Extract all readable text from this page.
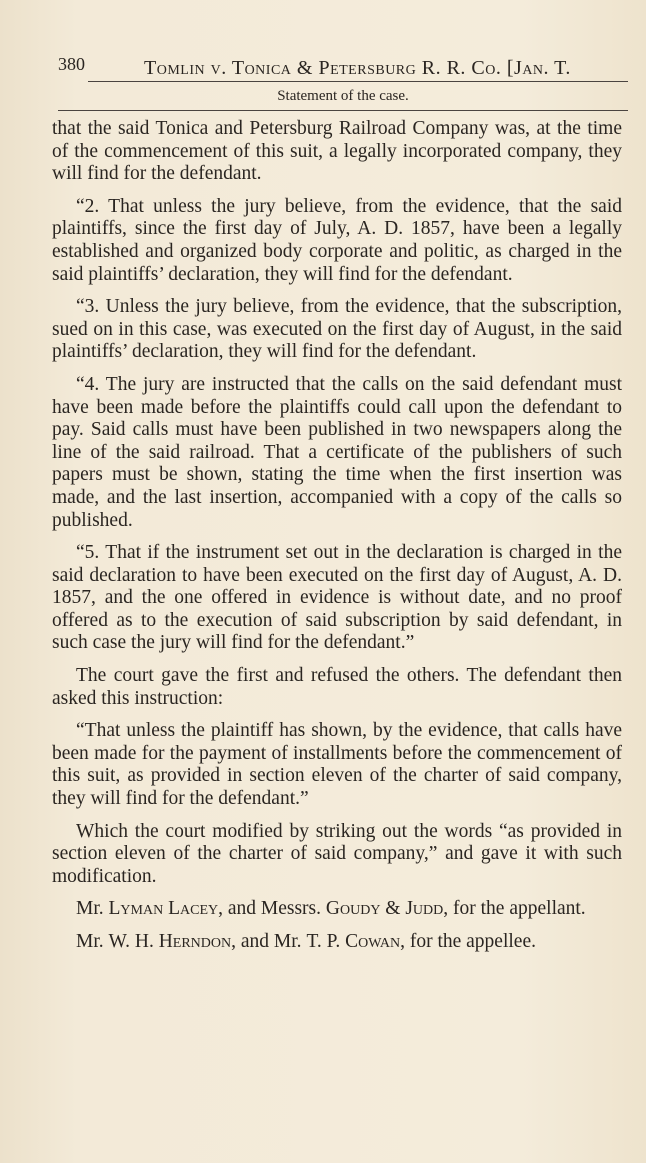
380	Tomlin v. Tonica & Petersburg R. R. Co. [Jan. T.
Statement of the case.

that the said Tonica and Petersburg Railroad Company was, at the time of the commencement of this suit, a legally incorporated company, they will find for the defendant.

“2. That unless the jury believe, from the evidence, that the said plaintiffs, since the first day of July, A. D. 1857, have been a legally established and organized body corporate and politic, as charged in the said plaintiffs’ declaration, they will find for the defendant.

“3. Unless the jury believe, from the evidence, that the subscription, sued on in this case, was executed on the first day of August, in the said plaintiffs’ declaration, they will find for the defendant.

“4. The jury are instructed that the calls on the said defendant must have been made before the plaintiffs could call upon the defendant to pay. Said calls must have been published in two newspapers along the line of the said railroad. That a certificate of the publishers of such papers must be shown, stating the time when the first insertion was made, and the last insertion, accompanied with a copy of the calls so published.

“5. That if the instrument set out in the declaration is charged in the said declaration to have been executed on the first day of August, A. D. 1857, and the one offered in evidence is without date, and no proof offered as to the execution of said subscription by said defendant, in such case the jury will find for the defendant.”

The court gave the first and refused the others. The defendant then asked this instruction:

“That unless the plaintiff has shown, by the evidence, that calls have been made for the payment of installments before the commencement of this suit, as provided in section eleven of the charter of said company, they will find for the defendant.”

Which the court modified by striking out the words “as provided in section eleven of the charter of said company,” and gave it with such modification.

Mr. Lyman Lacey, and Messrs. Goudy & Judd, for the appellant.

Mr. W. H. Herndon, and Mr. T. P. Cowan, for the appellee.
